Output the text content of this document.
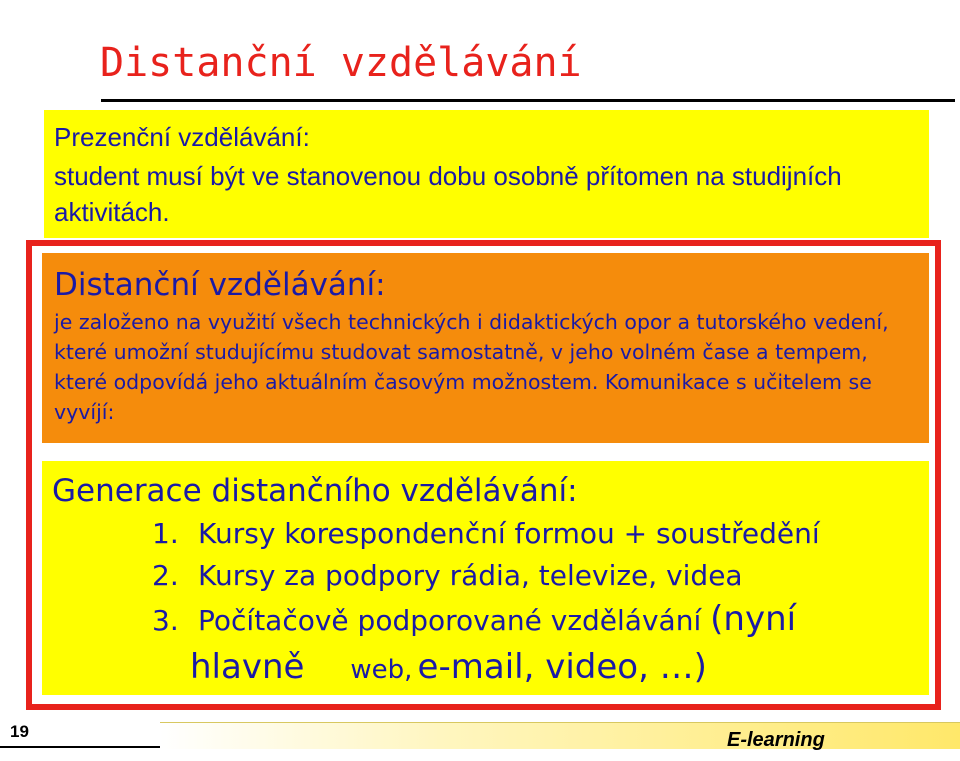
Distanční vzdělávání
Prezenční vzdělávání:
student musí být ve stanovenou dobu osobně přítomen na studijních aktivitách.
Distanční vzdělávání:
je založeno na využití všech technických i didaktických opor a tutorského vedení, které umožní studujícímu studovat samostatně, v jeho volném čase a tempem, které odpovídá jeho aktuálním časovým možnostem. Komunikace s učitelem se vyvíjí:
Generace distančního vzdělávání:
1. Kursy korespondenční formou + soustředění
2. Kursy za podpory rádia, televize, videa
3. Počítačově podporované vzdělávání (nyní
hlavně web, e-mail, video, …)
19	E-learning
